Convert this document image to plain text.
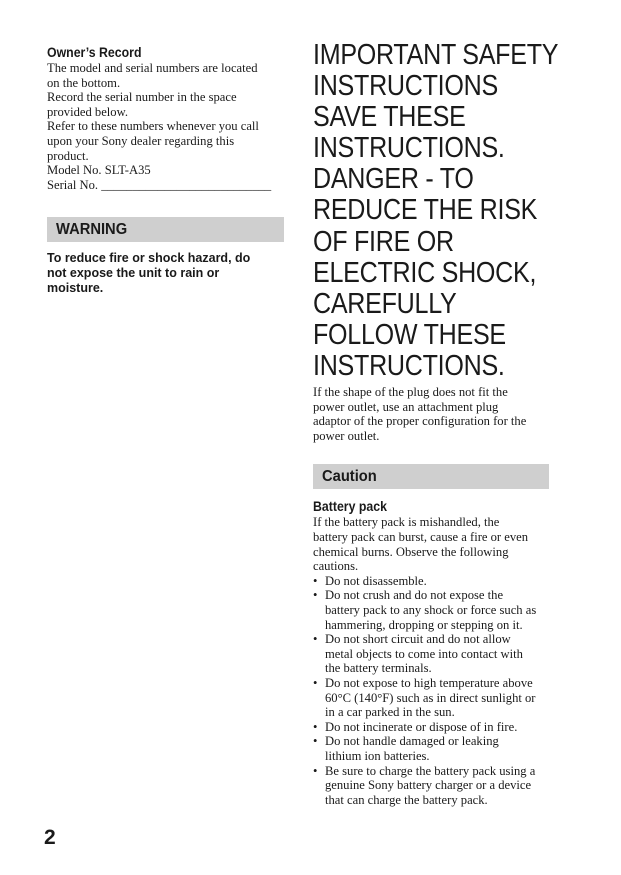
Owner’s Record
The model and serial numbers are located
on the bottom.
Record the serial number in the space
provided below.
Refer to these numbers whenever you call
upon your Sony dealer regarding this
product.
Model No. SLT-A35
Serial No. ___________________________
WARNING
To reduce fire or shock hazard, do
not expose the unit to rain or
moisture.
IMPORTANT SAFETY
INSTRUCTIONS
SAVE THESE
INSTRUCTIONS.
DANGER - TO
REDUCE THE RISK
OF FIRE OR
ELECTRIC SHOCK,
CAREFULLY
FOLLOW THESE
INSTRUCTIONS.
If the shape of the plug does not fit the
power outlet, use an attachment plug
adaptor of the proper configuration for the
power outlet.
Caution
Battery pack
If the battery pack is mishandled, the
battery pack can burst, cause a fire or even
chemical burns. Observe the following
cautions.
• Do not disassemble.
• Do not crush and do not expose the
battery pack to any shock or force such as
hammering, dropping or stepping on it.
• Do not short circuit and do not allow
metal objects to come into contact with
the battery terminals.
• Do not expose to high temperature above
60°C (140°F) such as in direct sunlight or
in a car parked in the sun.
• Do not incinerate or dispose of in fire.
• Do not handle damaged or leaking
lithium ion batteries.
• Be sure to charge the battery pack using a
genuine Sony battery charger or a device
that can charge the battery pack.
2
